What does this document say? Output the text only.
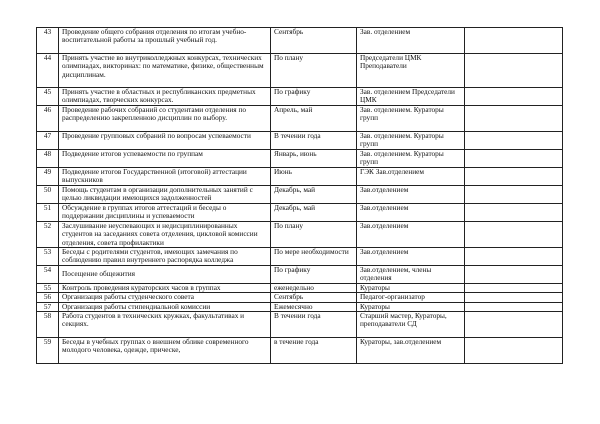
43	Проведение общего собрания отделения по итогам учебно-воспитательной работы за прошлый учебный год.	Сентябрь	Зав. отделением	
44	Принять участие во внутриколледжных конкурсах, технических олимпиадах, викторинах: по математике, физике, общественным дисциплинам.	По плану	Председатели ЦМК Преподаватели	
45	Принять участие в областных и республиканских предметных олимпиадах, творческих конкурсах.	По графику	Зав. отделением Председатели ЦМК	
46	Проведение рабочих собраний со студентами отделения по распределению закрепленною дисциплин по выбору.	Апрель, май	Зав. отделением. Кураторы групп	
47	Проведение групповых собраний по вопросам успеваемости	В течении года	Зав. отделением. Кураторы групп	
48	Подведение итогов успеваемости по группам	Январь, июнь	Зав. отделением. Кураторы групп	
49	Подведение итогов Государственной (итоговой) аттестации выпускников	Июнь	ГЭК Зав.отделением	
50	Помощь студентам в организации дополнительных занятий с целью ликвидации имеющихся задолженностей	Декабрь, май	Зав.отделением	
51	Обсуждение в группах итогов аттестаций и беседы о поддержании дисциплины и успеваемости	Декабрь, май	Зав.отделением	
52	Заслушивание неуспевающих и недисциплинированных студентов на заседаниях совета отделения, цикловой комиссии отделения, совета профилактики	По плану	Зав.отделением	
53	Беседы с родителями студентов, имеющих замечания по соблюдению правил внутреннего распорядка колледжа	По мере необходимости	Зав.отделением	
54	Посещение общежития	По графику	Зав.отделением, члены отделения	
55	Контроль проведения кураторских часов в группах	еженедельно	Кураторы	
56	Организация работы студенческого совета	Сентябрь	Педагог-организатор	
57	Организация работы стипендиальной комиссии	Ежемесячно	Кураторы	
58	Работа студентов в технических кружках, факультативах и секциях.	В течении года	Старший мастер, Кураторы, преподаватели СД	
59	Беседы в учебных группах о внешнем облике современного молодого человека, одежде, прическе,	в течение года	Кураторы, зав.отделением	
